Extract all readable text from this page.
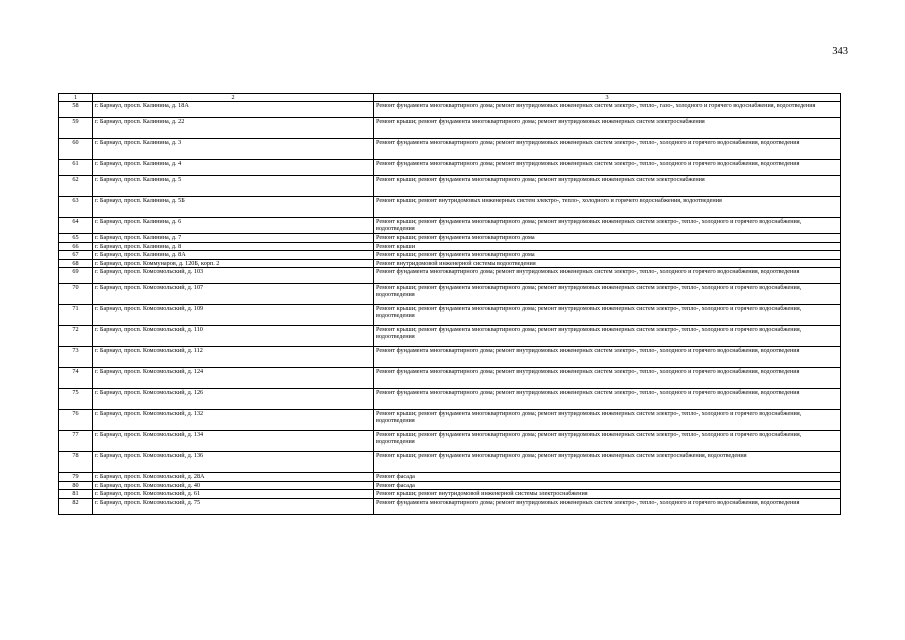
343
1	2	3
58	г. Барнаул, просп. Калинина, д. 18А	Ремонт фундамента многоквартирного дома; ремонт внутридомовых инженерных систем электро-, тепло-, газо-, холодного и горячего водоснабжения, водоотведения
59	г. Барнаул, просп. Калинина, д. 22	Ремонт крыши; ремонт фундамента многоквартирного дома; ремонт внутридомовых инженерных систем электроснабжения
60	г. Барнаул, просп. Калинина, д. 3	Ремонт фундамента многоквартирного дома; ремонт внутридомовых инженерных систем электро-, тепло-, холодного и горячего водоснабжения, водоотведения
61	г. Барнаул, просп. Калинина, д. 4	Ремонт фундамента многоквартирного дома; ремонт внутридомовых инженерных систем электро-, тепло-, холодного и горячего водоснабжения, водоотведения
62	г. Барнаул, просп. Калинина, д. 5	Ремонт крыши; ремонт фундамента многоквартирного дома; ремонт внутридомовых инженерных систем электроснабжения
63	г. Барнаул, просп. Калинина, д. 5Б	Ремонт крыши; ремонт внутридомовых инженерных систем электро-, тепло-, холодного и горячего водоснабжения, водоотведения
64	г. Барнаул, просп. Калинина, д. 6	Ремонт крыши; ремонт фундамента многоквартирного дома; ремонт внутридомовых инженерных систем электро-, тепло-, холодного и горячего водоснабжения, водоотведения
65	г. Барнаул, просп. Калинина, д. 7	Ремонт крыши; ремонт фундамента многоквартирного дома
66	г. Барнаул, просп. Калинина, д. 8	Ремонт крыши
67	г. Барнаул, просп. Калинина, д. 8А	Ремонт крыши; ремонт фундамента многоквартирного дома
68	г. Барнаул, просп. Коммунаров, д. 120Б, корп. 2	Ремонт внутридомовой инженерной системы водоотведения
69	г. Барнаул, просп. Комсомольский, д. 103	Ремонт фундамента многоквартирного дома; ремонт внутридомовых инженерных систем электро-, тепло-, холодного и горячего водоснабжения, водоотведения
70	г. Барнаул, просп. Комсомольский, д. 107	Ремонт крыши; ремонт фундамента многоквартирного дома; ремонт внутридомовых инженерных систем электро-, тепло-, холодного и горячего водоснабжения, водоотведения
71	г. Барнаул, просп. Комсомольский, д. 109	Ремонт крыши; ремонт фундамента многоквартирного дома; ремонт внутридомовых инженерных систем электро-, тепло-, холодного и горячего водоснабжения, водоотведения
72	г. Барнаул, просп. Комсомольский, д. 110	Ремонт крыши; ремонт фундамента многоквартирного дома; ремонт внутридомовых инженерных систем электро-, тепло-, холодного и горячего водоснабжения, водоотведения
73	г. Барнаул, просп. Комсомольский, д. 112	Ремонт фундамента многоквартирного дома; ремонт внутридомовых инженерных систем электро-, тепло-, холодного и горячего водоснабжения, водоотведения
74	г. Барнаул, просп. Комсомольский, д. 124	Ремонт фундамента многоквартирного дома; ремонт внутридомовых инженерных систем электро-, тепло-, холодного и горячего водоснабжения, водоотведения
75	г. Барнаул, просп. Комсомольский, д. 126	Ремонт фундамента многоквартирного дома; ремонт внутридомовых инженерных систем электро-, тепло-, холодного и горячего водоснабжения, водоотведения
76	г. Барнаул, просп. Комсомольский, д. 132	Ремонт крыши; ремонт фундамента многоквартирного дома; ремонт внутридомовых инженерных систем электро-, тепло-, холодного и горячего водоснабжения, водоотведения
77	г. Барнаул, просп. Комсомольский, д. 134	Ремонт крыши; ремонт фундамента многоквартирного дома; ремонт внутридомовых инженерных систем электро-, тепло-, холодного и горячего водоснабжения, водоотведения
78	г. Барнаул, просп. Комсомольский, д. 136	Ремонт крыши; ремонт фундамента многоквартирного дома; ремонт внутридомовых инженерных систем электроснабжения, водоотведения
79	г. Барнаул, просп. Комсомольский, д. 28А	Ремонт фасада
80	г. Барнаул, просп. Комсомольский, д. 40	Ремонт фасада
81	г. Барнаул, просп. Комсомольский, д. 61	Ремонт крыши; ремонт внутридомовой инженерной системы электроснабжения
82	г. Барнаул, просп. Комсомольский, д. 75	Ремонт фундамента многоквартирного дома; ремонт внутридомовых инженерных систем электро-, тепло-, холодного и горячего водоснабжения, водоотведения
